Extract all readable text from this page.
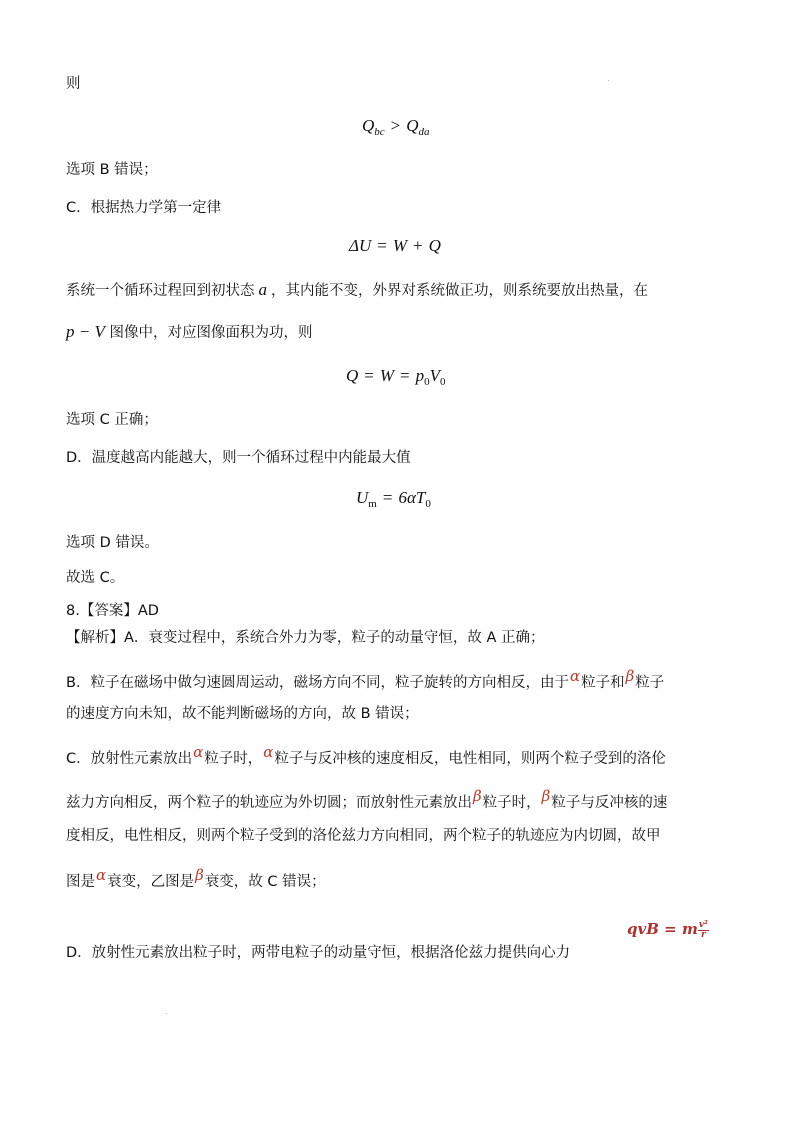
则
$Q_{bc} > Q_{da}$
选项 B 错误；
C．根据热力学第一定律
ΔU = W + Q
系统一个循环过程回到初状态 a ，其内能不变，外界对系统做正功，则系统要放出热量，在
p − V 图像中，对应图像面积为功，则
$Q = W = p_0V_0$
选项 C 正确；
D．温度越高内能越大，则一个循环过程中内能最大值
$U_m = 6\alpha T_0$
选项 D 错误。
故选 C。
8.【答案】AD
【解析】A．衰变过程中，系统合外力为零，粒子的动量守恒，故 A 正确；
B．粒子在磁场中做匀速圆周运动，磁场方向不同，粒子旋转的方向相反，由于α粒子和β粒子
的速度方向未知，故不能判断磁场的方向，故 B 错误；
C．放射性元素放出α粒子时，α粒子与反冲核的速度相反，电性相同，则两个粒子受到的洛伦
兹力方向相反，两个粒子的轨迹应为外切圆；而放射性元素放出β粒子时，β粒子与反冲核的速
度相反，电性相反，则两个粒子受到的洛伦兹力方向相同，两个粒子的轨迹应为内切圆，故甲
图是α衰变，乙图是β衰变，故 C 错误；
D．放射性元素放出粒子时，两带电粒子的动量守恒，根据洛伦兹力提供向心力
qvB = m $\frac{\text{v²}}{r}$
